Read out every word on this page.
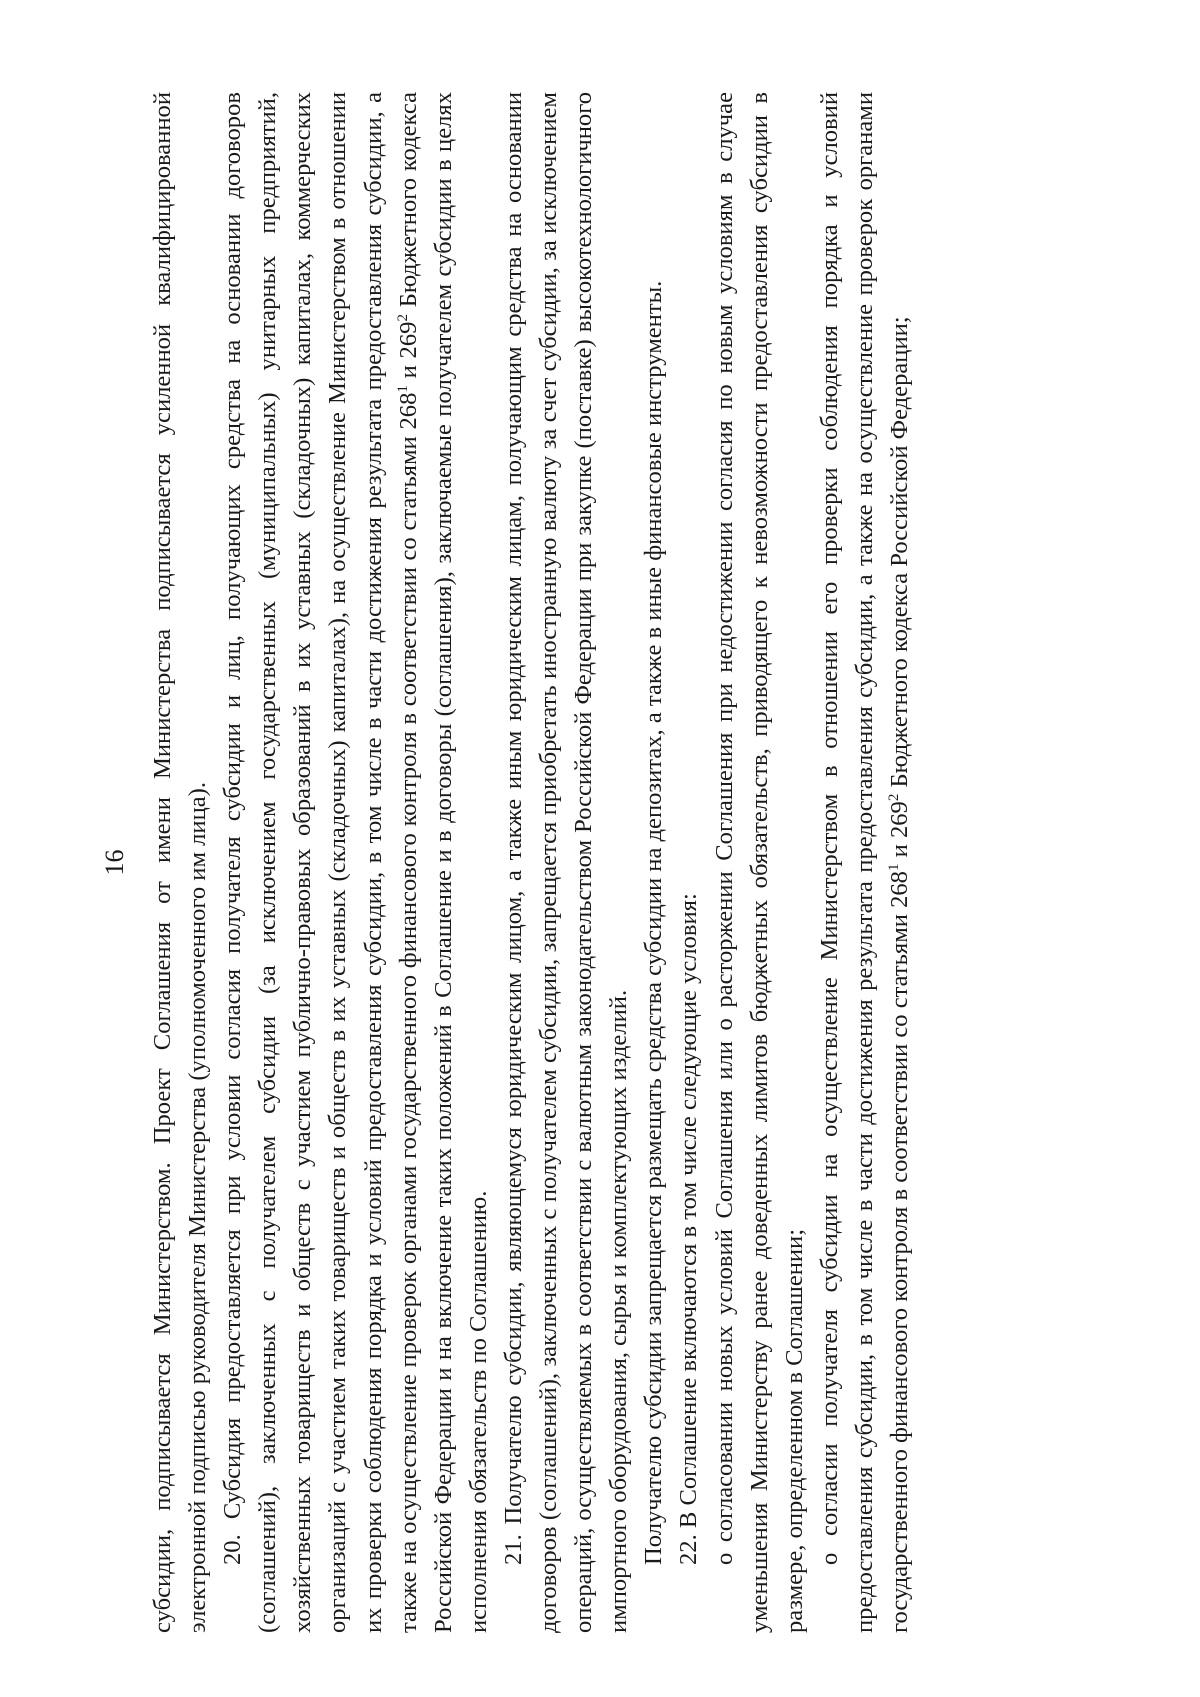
16 субсидии, подписывается Министерством. Проект Соглашения от имени Министерства подписывается усиленной квалифицированной электронной подписью руководителя Министерства (уполномоченного им лица). 20. Субсидия предоставляется при условии согласия получателя субсидии и лиц, получающих средства на основании договоров (соглашений), заключенных с получателем субсидии (за исключением государственных (муниципальных) унитарных предприятий, хозяйственных товариществ и обществ с участием публично-правовых образований в их уставных (складочных) капиталах, коммерческих организаций с участием таких товариществ и обществ в их уставных (складочных) капиталах), на осуществление Министерством в отношении их проверки соблюдения порядка и условий предоставления субсидии, в том числе в части достижения результата предоставления субсидии, а также на осуществление проверок органами государственного финансового контроля в соответствии со статьями $268^1$ и $269^2$ Бюджетного кодекса Российской Федерации и на включение таких положений в Соглашение и в договоры (соглашения), заключаемые получателем субсидии в целях исполнения обязательств по Соглашению. 21. Получателю субсидии, являющемуся юридическим лицом, а также иным юридическим лицам, получающим средства на основании договоров (соглашений), заключенных с получателем субсидии, запрещается приобретать иностранную валюту за счет субсидии, за исключением операций, осуществляемых в соответствии с валютным законодательством Российской Федерации при закупке (поставке) высокотехнологичного импортного оборудования, сырья и комплектующих изделий. Получателю субсидии запрещается размещать средства субсидии на депозитах, а также в иные финансовые инструменты. 22. В Соглашение включаются в том числе следующие условия: о согласовании новых условий Соглашения или о расторжении Соглашения при недостижении согласия по новым условиям в случае уменьшения Министерству ранее доведенных лимитов бюджетных обязательств, приводящего к невозможности предоставления субсидии в размере, определенном в Соглашении; о согласии получателя субсидии на осуществление Министерством в отношении его проверки соблюдения порядка и условий предоставления субсидии, в том числе в части достижения результата предоставления субсидии, а также на осуществление проверок органами государственного финансового контроля в соответствии со статьями $268^1$ и $269^2$ Бюджетного кодекса Российской Федерации;
